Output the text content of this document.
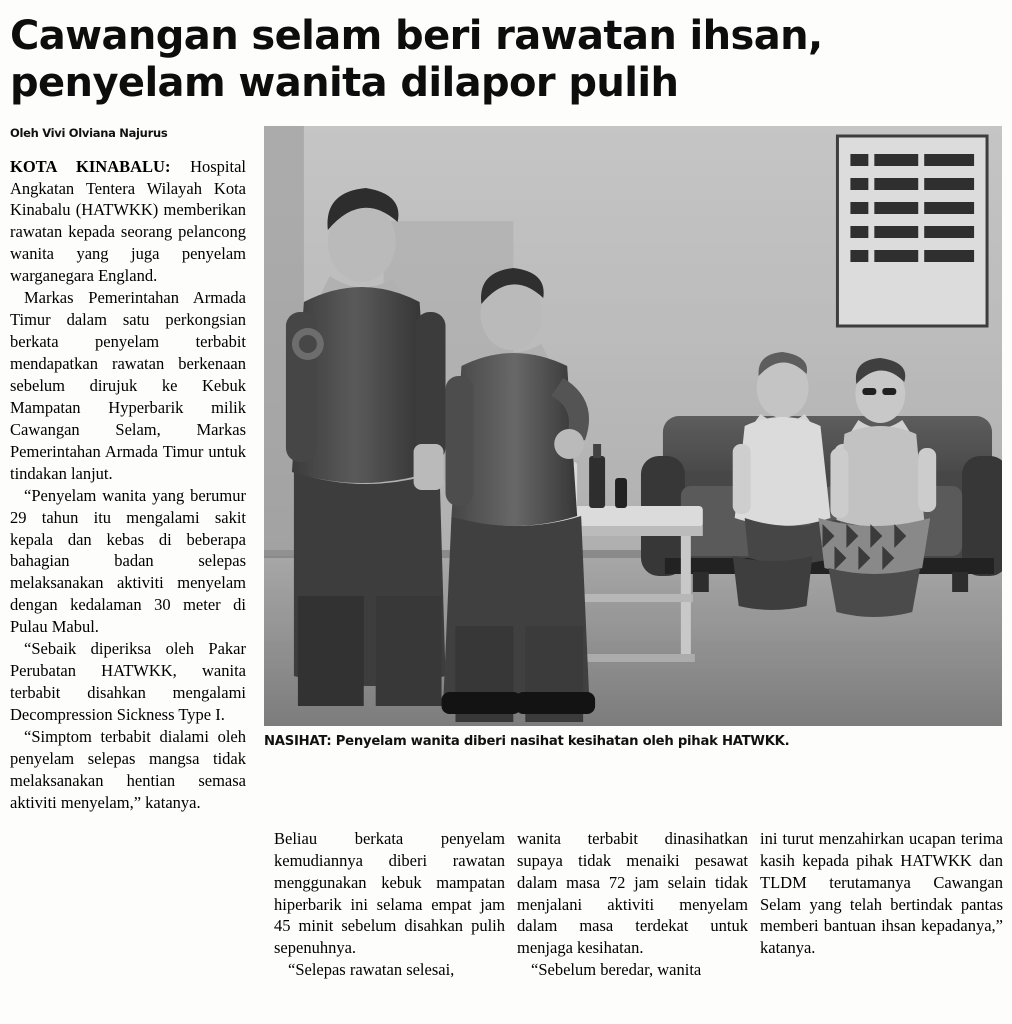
Cawangan selam beri rawatan ihsan,
penyelam wanita dilapor pulih
Oleh Vivi Olviana Najurus

KOTA KINABALU: Hospital Angkatan Tentera Wilayah Kota Kinabalu (HATWKK) memberikan rawatan kepada seorang pelancong wanita yang juga penyelam warganegara England.

Markas Pemerintahan Armada Timur dalam satu perkongsian berkata penyelam terbabit mendapatkan rawatan berkenaan sebelum dirujuk ke Kebuk Mampatan Hyperbarik milik Cawangan Selam, Markas Pemerintahan Armada Timur untuk tindakan lanjut.

“Penyelam wanita yang berumur 29 tahun itu mengalami sakit kepala dan kebas di beberapa bahagian badan selepas melaksanakan aktiviti menyelam dengan kedalaman 30 meter di Pulau Mabul.

“Sebaik diperiksa oleh Pakar Perubatan HATWKK, wanita terbabit disahkan mengalami Decompression Sickness Type I.

“Simptom terbabit dialami oleh penyelam selepas mangsa tidak melaksanakan hentian semasa aktiviti menyelam,” katanya.

NASIHAT: Penyelam wanita diberi nasihat kesihatan oleh pihak HATWKK.

Beliau berkata penyelam kemudiannya diberi rawatan menggunakan kebuk mampatan hiperbarik ini selama empat jam 45 minit sebelum disahkan pulih sepenuhnya.

“Selepas rawatan selesai,

wanita terbabit dinasihatkan supaya tidak menaiki pesawat dalam masa 72 jam selain tidak menjalani aktiviti menyelam dalam masa terdekat untuk menjaga kesihatan.

“Sebelum beredar, wanita

ini turut menzahirkan ucapan terima kasih kepada pihak HATWKK dan TLDM terutamanya Cawangan Selam yang telah bertindak pantas memberi bantuan ihsan kepadanya,” katanya.
